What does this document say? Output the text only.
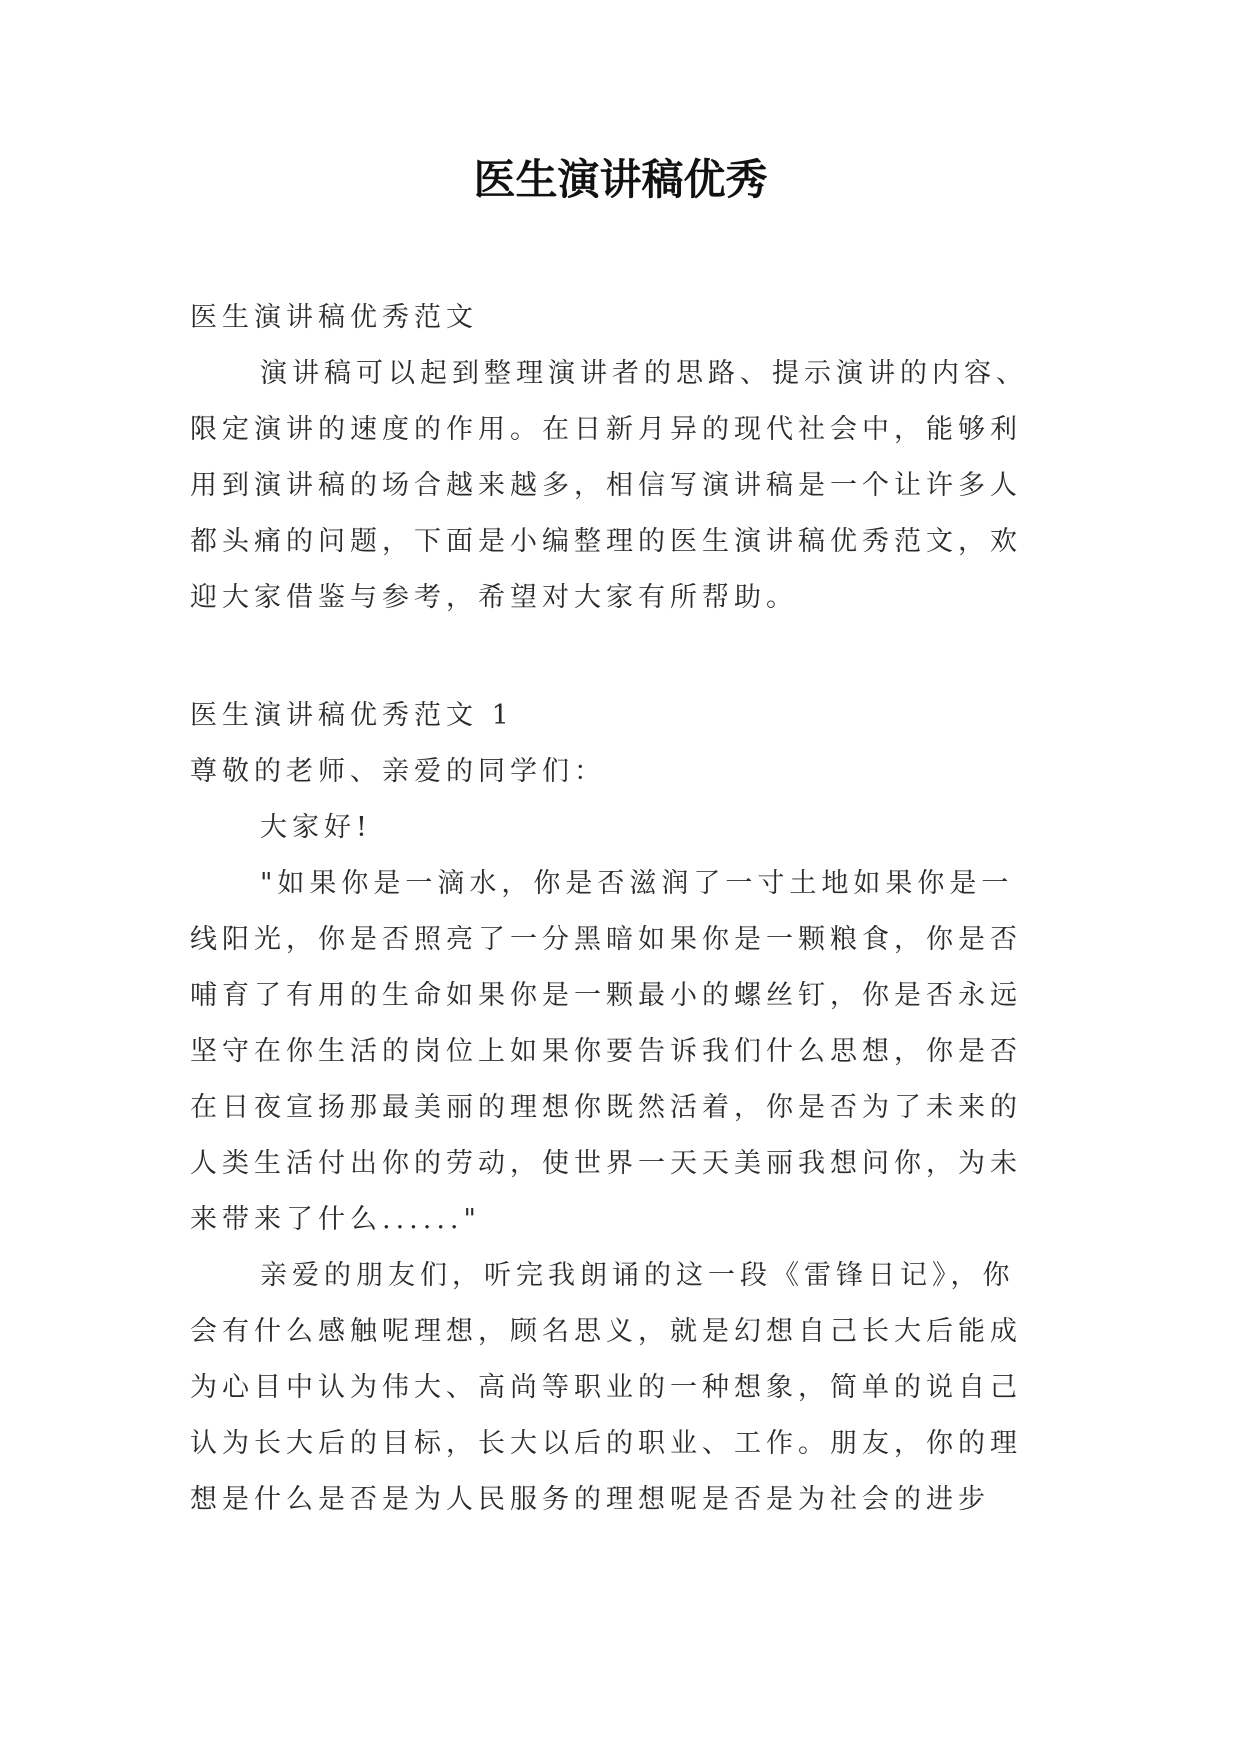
医生演讲稿优秀

医生演讲稿优秀范文

演讲稿可以起到整理演讲者的思路、提示演讲的内容、

限定演讲的速度的作用。在日新月异的现代社会中，能够利

用到演讲稿的场合越来越多，相信写演讲稿是一个让许多人

都头痛的问题，下面是小编整理的医生演讲稿优秀范文，欢

迎大家借鉴与参考，希望对大家有所帮助。

医生演讲稿优秀范文 1

尊敬的老师、亲爱的同学们：

大家好!

"如果你是一滴水，你是否滋润了一寸土地如果你是一

线阳光，你是否照亮了一分黑暗如果你是一颗粮食，你是否

哺育了有用的生命如果你是一颗最小的螺丝钉，你是否永远

坚守在你生活的岗位上如果你要告诉我们什么思想，你是否

在日夜宣扬那最美丽的理想你既然活着，你是否为了未来的

人类生活付出你的劳动，使世界一天天美丽我想问你，为未

来带来了什么......"

亲爱的朋友们，听完我朗诵的这一段《雷锋日记》，你

会有什么感触呢理想，顾名思义，就是幻想自己长大后能成

为心目中认为伟大、高尚等职业的一种想象，简单的说自己

认为长大后的目标，长大以后的职业、工作。朋友，你的理

想是什么是否是为人民服务的理想呢是否是为社会的进步
